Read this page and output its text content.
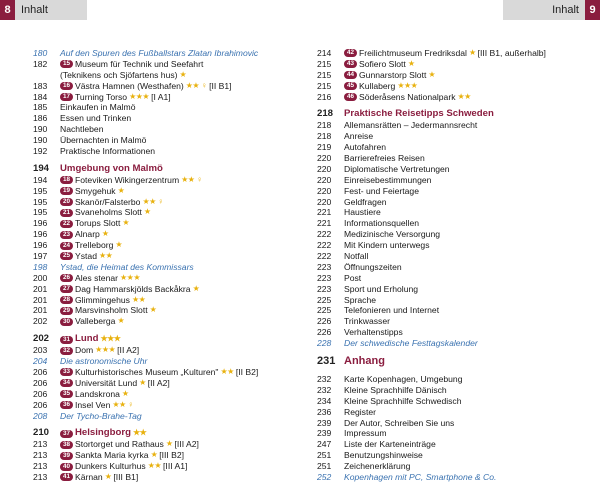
8 Inhalt	Inhalt 9
180	Auf den Spuren des Fußballstars Zlatan Ibrahimovic
182	15 Museum für Technik und Seefahrt
(Teknikens och Sjöfartens hus) ★
183	16 Västra Hamnen (Westhafen) ★★ ♀ [II B1]
184	17 Turning Torso ★★★ [I A1]
185	Einkaufen in Malmö
186	Essen und Trinken
190	Nachtleben
190	Übernachten in Malmö
192	Praktische Informationen
194	Umgebung von Malmö
194	18 Foteviken Wikingerzentrum ★★ ♀
195	19 Smygehuk ★
195	20 Skanör/Falsterbo ★★ ♀
195	21 Svaneholms Slott ★
196	22 Torups Slott ★
196	23 Alnarp ★
196	24 Trelleborg ★
197	25 Ystad ★★
198	Ystad, die Heimat des Kommissars
200	26 Ales stenar ★★★
201	27 Dag Hammarskjölds Backåkra ★
201	28 Glimmingehus ★★
201	29 Marsvinsholm Slott ★
202	30 Vallebergа ★
202	31 Lund ★★★
203	32 Dom ★★★ [II A2]
204	Die astronomische Uhr
206	33 Kulturhistorisches Museum „Kulturen" ★★ [II B2]
206	34 Universität Lund ★ [II A2]
206	35 Landskrona ★
206	36 Insel Ven ★★ ♀
208	Der Tycho-Brahe-Tag
210	37 Helsingborg ★★
213	38 Stortorget und Rathaus ★ [III A2]
213	39 Sankta Maria kyrka ★ [III B2]
213	40 Dunkers Kulturhus ★★ [III A1]
213	41 Kärnan ★ [III B1]
214	42 Freilichtmuseum Fredriksdal ★ [III B1, außerhalb]
215	43 Sofiero Slott ★
215	44 Gunnarstorp Slott ★
215	45 Kullaberg ★★★
216	46 Söderåsens Nationalpark ★★
218	Praktische Reisetipps Schweden
218	Allemansrätten – Jedermannsrecht
218	Anreise
219	Autofahren
220	Barrierefreies Reisen
220	Diplomatische Vertretungen
220	Einreisebestimmungen
220	Fest- und Feiertage
220	Geldfragen
221	Haustiere
221	Informationsquellen
222	Medizinische Versorgung
222	Mit Kindern unterwegs
222	Notfall
223	Öffnungszeiten
223	Post
223	Sport und Erholung
225	Sprache
225	Telefonieren und Internet
226	Trinkwasser
226	Verhaltenstipps
228	Der schwedische Festtagskalender
231 Anhang
232	Karte Kopenhagen, Umgebung
232	Kleine Sprachhilfe Dänisch
234	Kleine Sprachhilfe Schwedisch
236	Register
239	Der Autor, Schreiben Sie uns
239	Impressum
247	Liste der Karteneinträge
251	Benutzungshinweise
251	Zeichenerklärung
252	Kopenhagen mit PC, Smartphone & Co.
